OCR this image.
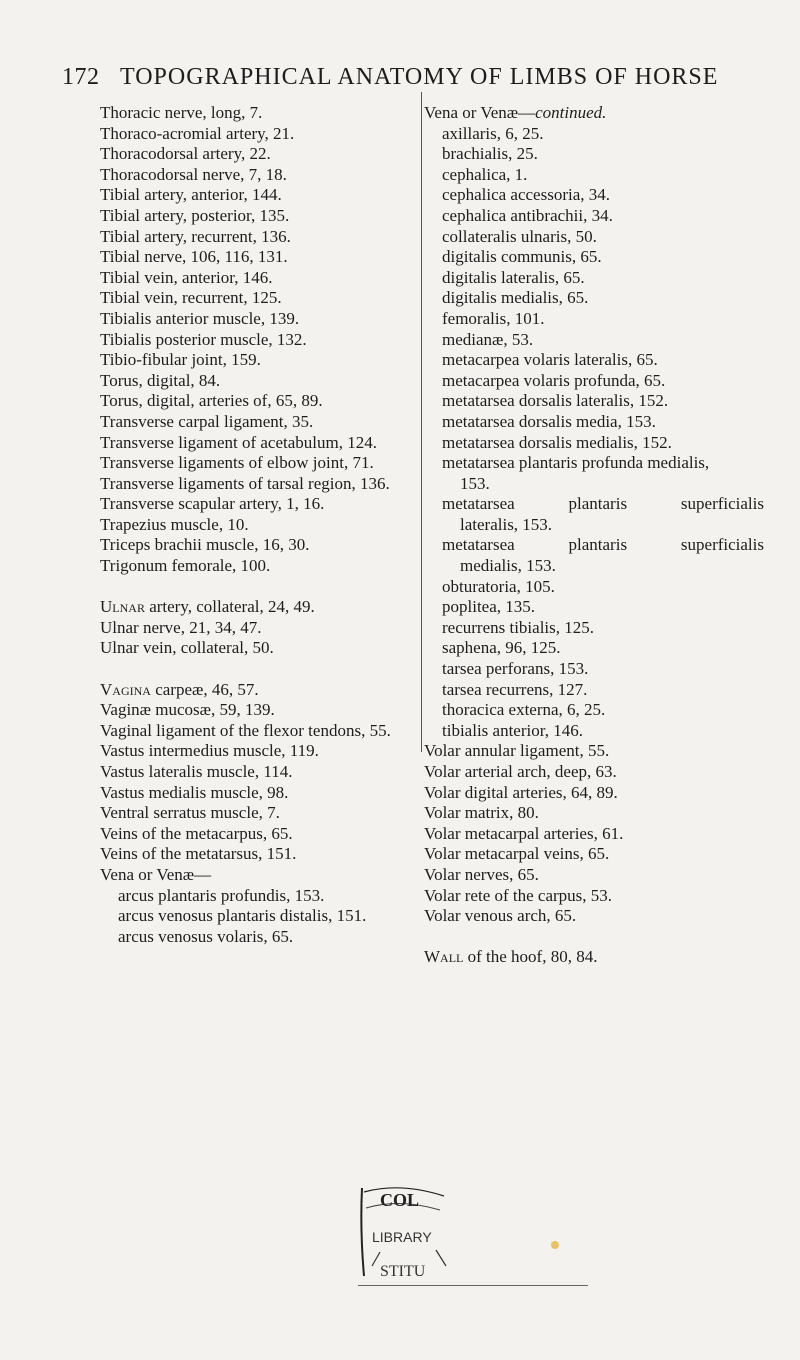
172 TOPOGRAPHICAL ANATOMY OF LIMBS OF HORSE
Thoracic nerve, long, 7.
Thoraco-acromial artery, 21.
Thoracodorsal artery, 22.
Thoracodorsal nerve, 7, 18.
Tibial artery, anterior, 144.
Tibial artery, posterior, 135.
Tibial artery, recurrent, 136.
Tibial nerve, 106, 116, 131.
Tibial vein, anterior, 146.
Tibial vein, recurrent, 125.
Tibialis anterior muscle, 139.
Tibialis posterior muscle, 132.
Tibio-fibular joint, 159.
Torus, digital, 84.
Torus, digital, arteries of, 65, 89.
Transverse carpal ligament, 35.
Transverse ligament of acetabulum, 124.
Transverse ligaments of elbow joint, 71.
Transverse ligaments of tarsal region, 136.
Transverse scapular artery, 1, 16.
Trapezius muscle, 10.
Triceps brachii muscle, 16, 30.
Trigonum femorale, 100.
Ulnar artery, collateral, 24, 49.
Ulnar nerve, 21, 34, 47.
Ulnar vein, collateral, 50.
Vagina carpeæ, 46, 57.
Vaginæ mucosæ, 59, 139.
Vaginal ligament of the flexor tendons, 55.
Vastus intermedius muscle, 119.
Vastus lateralis muscle, 114.
Vastus medialis muscle, 98.
Ventral serratus muscle, 7.
Veins of the metacarpus, 65.
Veins of the metatarsus, 151.
Vena or Venæ—
arcus plantaris profundis, 153.
arcus venosus plantaris distalis, 151.
arcus venosus volaris, 65.
Vena or Venæ—continued.
axillaris, 6, 25.
brachialis, 25.
cephalica, 1.
cephalica accessoria, 34.
cephalica antibrachii, 34.
collateralis ulnaris, 50.
digitalis communis, 65.
digitalis lateralis, 65.
digitalis medialis, 65.
femoralis, 101.
medianæ, 53.
metacarpea volaris lateralis, 65.
metacarpea volaris profunda, 65.
metatarsea dorsalis lateralis, 152.
metatarsea dorsalis media, 153.
metatarsea dorsalis medialis, 152.
metatarsea plantaris profunda medialis,
153.
metatarsea plantaris superficialis
lateralis, 153.
metatarsea plantaris superficialis
medialis, 153.
obturatoria, 105.
poplitea, 135.
recurrens tibialis, 125.
saphena, 96, 125.
tarsea perforans, 153.
tarsea recurrens, 127.
thoracica externa, 6, 25.
tibialis anterior, 146.
Volar annular ligament, 55.
Volar arterial arch, deep, 63.
Volar digital arteries, 64, 89.
Volar matrix, 80.
Volar metacarpal arteries, 61.
Volar metacarpal veins, 65.
Volar nerves, 65.
Volar rete of the carpus, 53.
Volar venous arch, 65.
Wall of the hoof, 80, 84.
COL
LIBRARY
STITU
